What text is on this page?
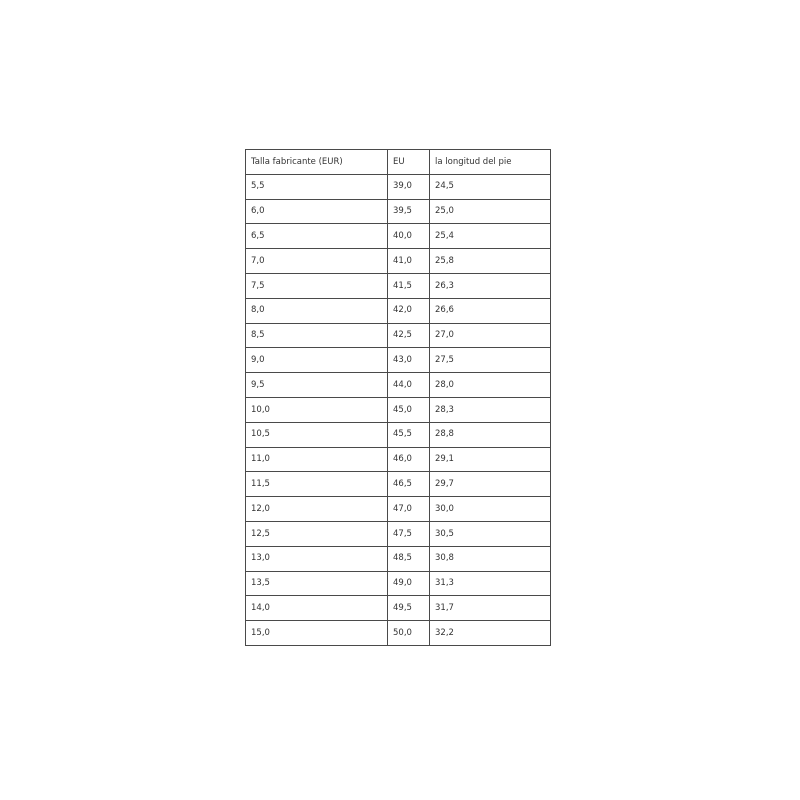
Talla fabricante (EUR)	EU	la longitud del pie
5,5	39,0	24,5
6,0	39,5	25,0
6,5	40,0	25,4
7,0	41,0	25,8
7,5	41,5	26,3
8,0	42,0	26,6
8,5	42,5	27,0
9,0	43,0	27,5
9,5	44,0	28,0
10,0	45,0	28,3
10,5	45,5	28,8
11,0	46,0	29,1
11,5	46,5	29,7
12,0	47,0	30,0
12,5	47,5	30,5
13,0	48,5	30,8
13,5	49,0	31,3
14,0	49,5	31,7
15,0	50,0	32,2
